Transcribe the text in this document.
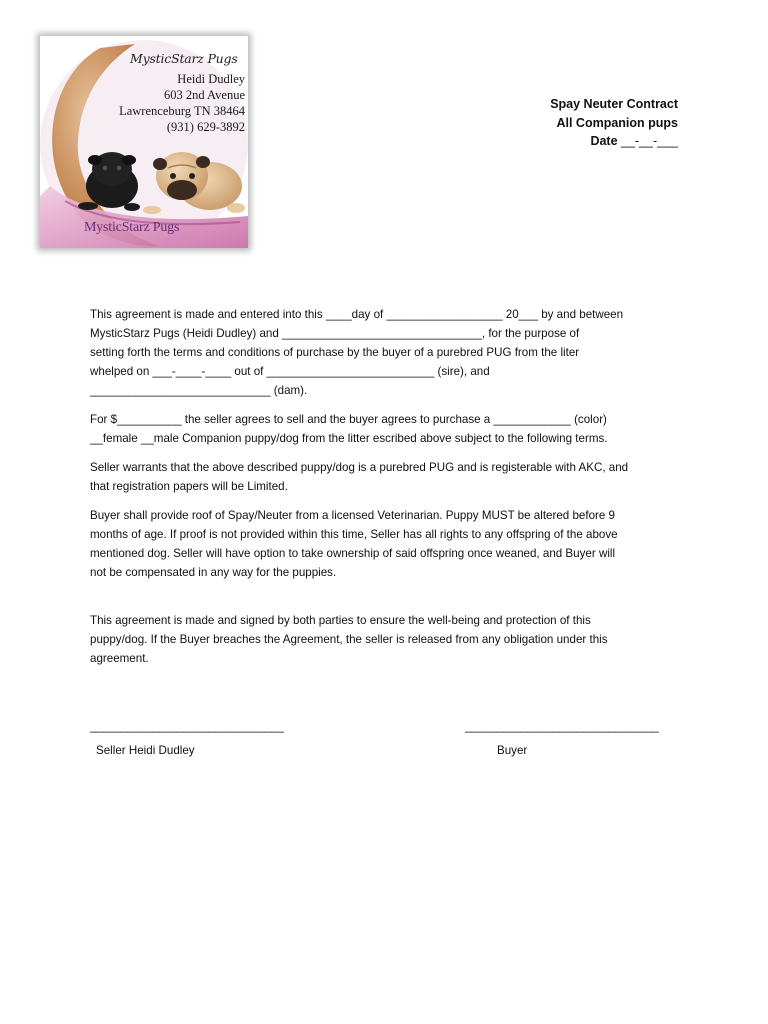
MysticStarz Pugs
Heidi Dudley
603 2nd Avenue
Lawrenceburg TN 38464
(931) 629-3892
MysticStarz Pugs
Spay Neuter Contract
All Companion pups
Date __-__-___

This agreement is made and entered into this ____day of __________________ 20___ by and between
MysticStarz Pugs (Heidi Dudley) and _______________________________, for the purpose of
setting forth the terms and conditions of purchase by the buyer of a purebred PUG from the liter
whelped on ___-____-____ out of __________________________ (sire), and
____________________________ (dam).

For $__________ the seller agrees to sell and the buyer agrees to purchase a ____________ (color)
__female __male Companion puppy/dog from the litter escribed above subject to the following terms.

Seller warrants that the above described puppy/dog is a purebred PUG and is registerable with AKC, and
that registration papers will be Limited.

Buyer shall provide roof of Spay/Neuter from a licensed Veterinarian. Puppy MUST be altered before 9
months of age. If proof is not provided within this time, Seller has all rights to any offspring of the above
mentioned dog. Seller will have option to take ownership of said offspring once weaned, and Buyer will
not be compensated in any way for the puppies.

This agreement is made and signed by both parties to ensure the well-being and protection of this
puppy/dog. If the Buyer breaches the Agreement, the seller is released from any obligation under this
agreement.

_______________________________	_______________________________
Seller Heidi Dudley	Buyer
